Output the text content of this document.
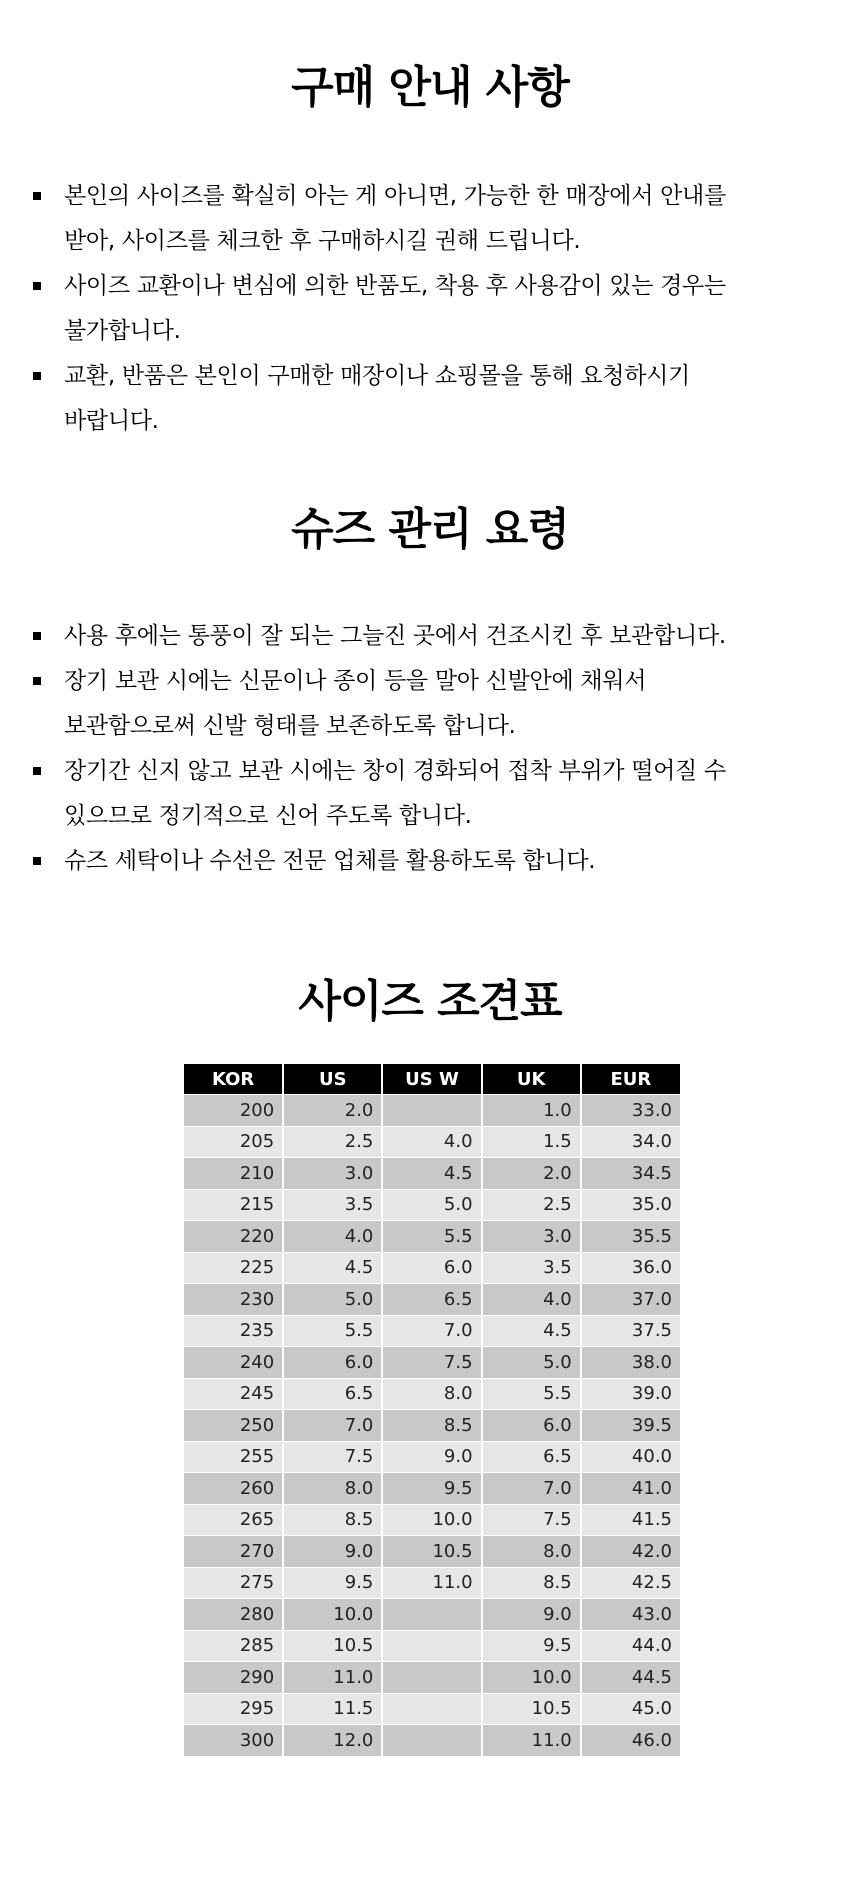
구매 안내 사항
본인의 사이즈를 확실히 아는 게 아니면, 가능한 한 매장에서 안내를
받아, 사이즈를 체크한 후 구매하시길 권해 드립니다.
사이즈 교환이나 변심에 의한 반품도, 착용 후 사용감이 있는 경우는
불가합니다.
교환, 반품은 본인이 구매한 매장이나 쇼핑몰을 통해 요청하시기
바랍니다.
슈즈 관리 요령
사용 후에는 통풍이 잘 되는 그늘진 곳에서 건조시킨 후 보관합니다.
장기 보관 시에는 신문이나 종이 등을 말아 신발안에 채워서
보관함으로써 신발 형태를 보존하도록 합니다.
장기간 신지 않고 보관 시에는 창이 경화되어 접착 부위가 떨어질 수
있으므로 정기적으로 신어 주도록 합니다.
슈즈 세탁이나 수선은 전문 업체를 활용하도록 합니다.
사이즈 조견표
KOR	US	US W	UK	EUR
200	2.0		1.0	33.0
205	2.5	4.0	1.5	34.0
210	3.0	4.5	2.0	34.5
215	3.5	5.0	2.5	35.0
220	4.0	5.5	3.0	35.5
225	4.5	6.0	3.5	36.0
230	5.0	6.5	4.0	37.0
235	5.5	7.0	4.5	37.5
240	6.0	7.5	5.0	38.0
245	6.5	8.0	5.5	39.0
250	7.0	8.5	6.0	39.5
255	7.5	9.0	6.5	40.0
260	8.0	9.5	7.0	41.0
265	8.5	10.0	7.5	41.5
270	9.0	10.5	8.0	42.0
275	9.5	11.0	8.5	42.5
280	10.0		9.0	43.0
285	10.5		9.5	44.0
290	11.0		10.0	44.5
295	11.5		10.5	45.0
300	12.0		11.0	46.0
